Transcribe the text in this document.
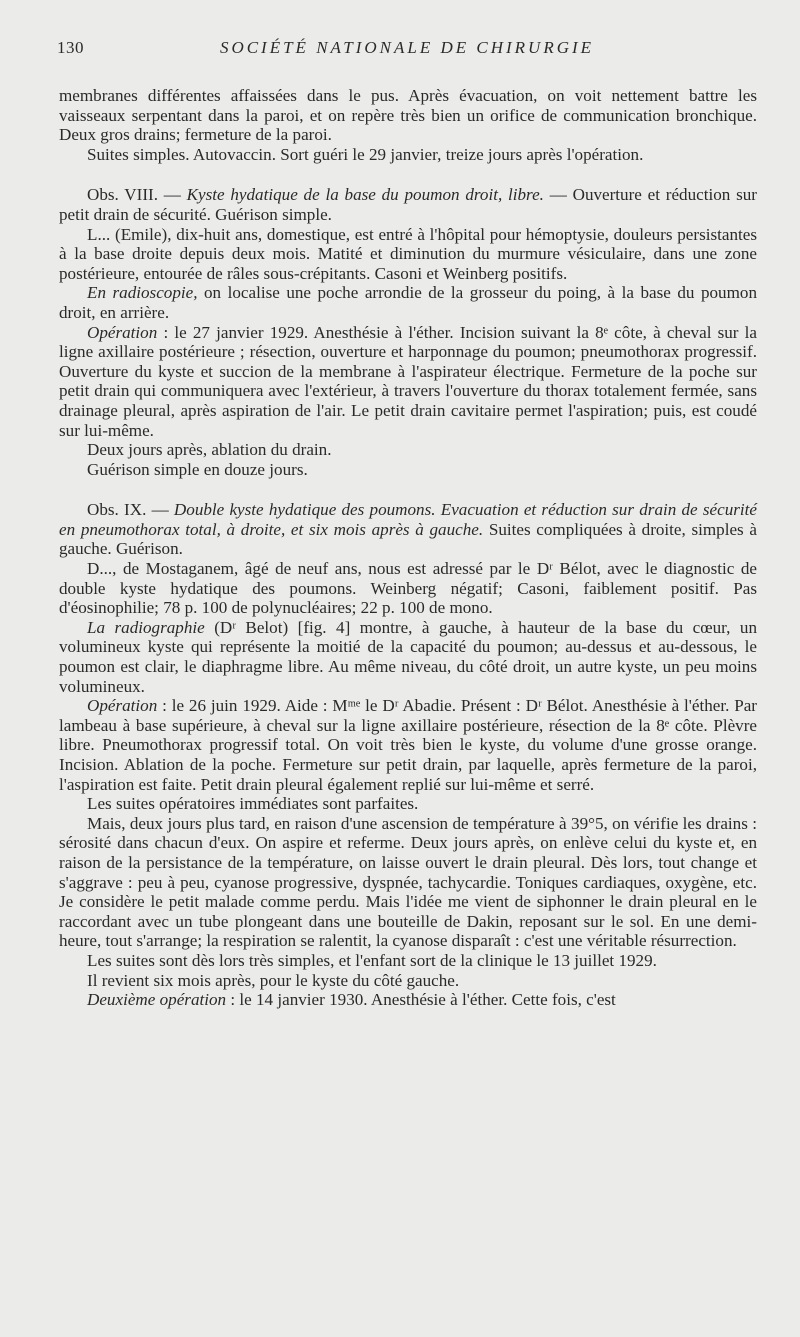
130	SOCIÉTÉ NATIONALE DE CHIRURGIE

membranes différentes affaissées dans le pus. Après évacuation, on voit nettement battre les vaisseaux serpentant dans la paroi, et on repère très bien un orifice de communication bronchique. Deux gros drains; fermeture de la paroi.

Suites simples. Autovaccin. Sort guéri le 29 janvier, treize jours après l'opération.

Obs. VIII. — Kyste hydatique de la base du poumon droit, libre. — Ouverture et réduction sur petit drain de sécurité. Guérison simple.

L... (Emile), dix-huit ans, domestique, est entré à l'hôpital pour hémoptysie, douleurs persistantes à la base droite depuis deux mois. Matité et diminution du murmure vésiculaire, dans une zone postérieure, entourée de râles sous-crépitants. Casoni et Weinberg positifs.

En radioscopie, on localise une poche arrondie de la grosseur du poing, à la base du poumon droit, en arrière.

Opération : le 27 janvier 1929. Anesthésie à l'éther. Incision suivant la 8ᵉ côte, à cheval sur la ligne axillaire postérieure ; résection, ouverture et harponnage du poumon; pneumothorax progressif. Ouverture du kyste et succion de la membrane à l'aspirateur électrique. Fermeture de la poche sur petit drain qui communiquera avec l'extérieur, à travers l'ouverture du thorax totalement fermée, sans drainage pleural, après aspiration de l'air. Le petit drain cavitaire permet l'aspiration; puis, est coudé sur lui-même.

Deux jours après, ablation du drain.

Guérison simple en douze jours.

Obs. IX. — Double kyste hydatique des poumons. Evacuation et réduction sur drain de sécurité en pneumothorax total, à droite, et six mois après à gauche. Suites compliquées à droite, simples à gauche. Guérison.

D..., de Mostaganem, âgé de neuf ans, nous est adressé par le Dʳ Bélot, avec le diagnostic de double kyste hydatique des poumons. Weinberg négatif; Casoni, faiblement positif. Pas d'éosinophilie; 78 p. 100 de polynucléaires; 22 p. 100 de mono.

La radiographie (Dʳ Belot) [fig. 4] montre, à gauche, à hauteur de la base du cœur, un volumineux kyste qui représente la moitié de la capacité du poumon; au-dessus et au-dessous, le poumon est clair, le diaphragme libre. Au même niveau, du côté droit, un autre kyste, un peu moins volumineux.

Opération : le 26 juin 1929. Aide : Mᵐᵉ le Dʳ Abadie. Présent : Dʳ Bélot. Anesthésie à l'éther. Par lambeau à base supérieure, à cheval sur la ligne axillaire postérieure, résection de la 8ᵉ côte. Plèvre libre. Pneumothorax progressif total. On voit très bien le kyste, du volume d'une grosse orange. Incision. Ablation de la poche. Fermeture sur petit drain, par laquelle, après fermeture de la paroi, l'aspiration est faite. Petit drain pleural également replié sur lui-même et serré.

Les suites opératoires immédiates sont parfaites.

Mais, deux jours plus tard, en raison d'une ascension de température à 39°5, on vérifie les drains : sérosité dans chacun d'eux. On aspire et referme. Deux jours après, on enlève celui du kyste et, en raison de la persistance de la température, on laisse ouvert le drain pleural. Dès lors, tout change et s'aggrave : peu à peu, cyanose progressive, dyspnée, tachycardie. Toniques cardiaques, oxygène, etc. Je considère le petit malade comme perdu. Mais l'idée me vient de siphonner le drain pleural en le raccordant avec un tube plongeant dans une bouteille de Dakin, reposant sur le sol. En une demi-heure, tout s'arrange; la respiration se ralentit, la cyanose disparaît : c'est une véritable résurrection.

Les suites sont dès lors très simples, et l'enfant sort de la clinique le 13 juillet 1929.

Il revient six mois après, pour le kyste du côté gauche.

Deuxième opération : le 14 janvier 1930. Anesthésie à l'éther. Cette fois, c'est
